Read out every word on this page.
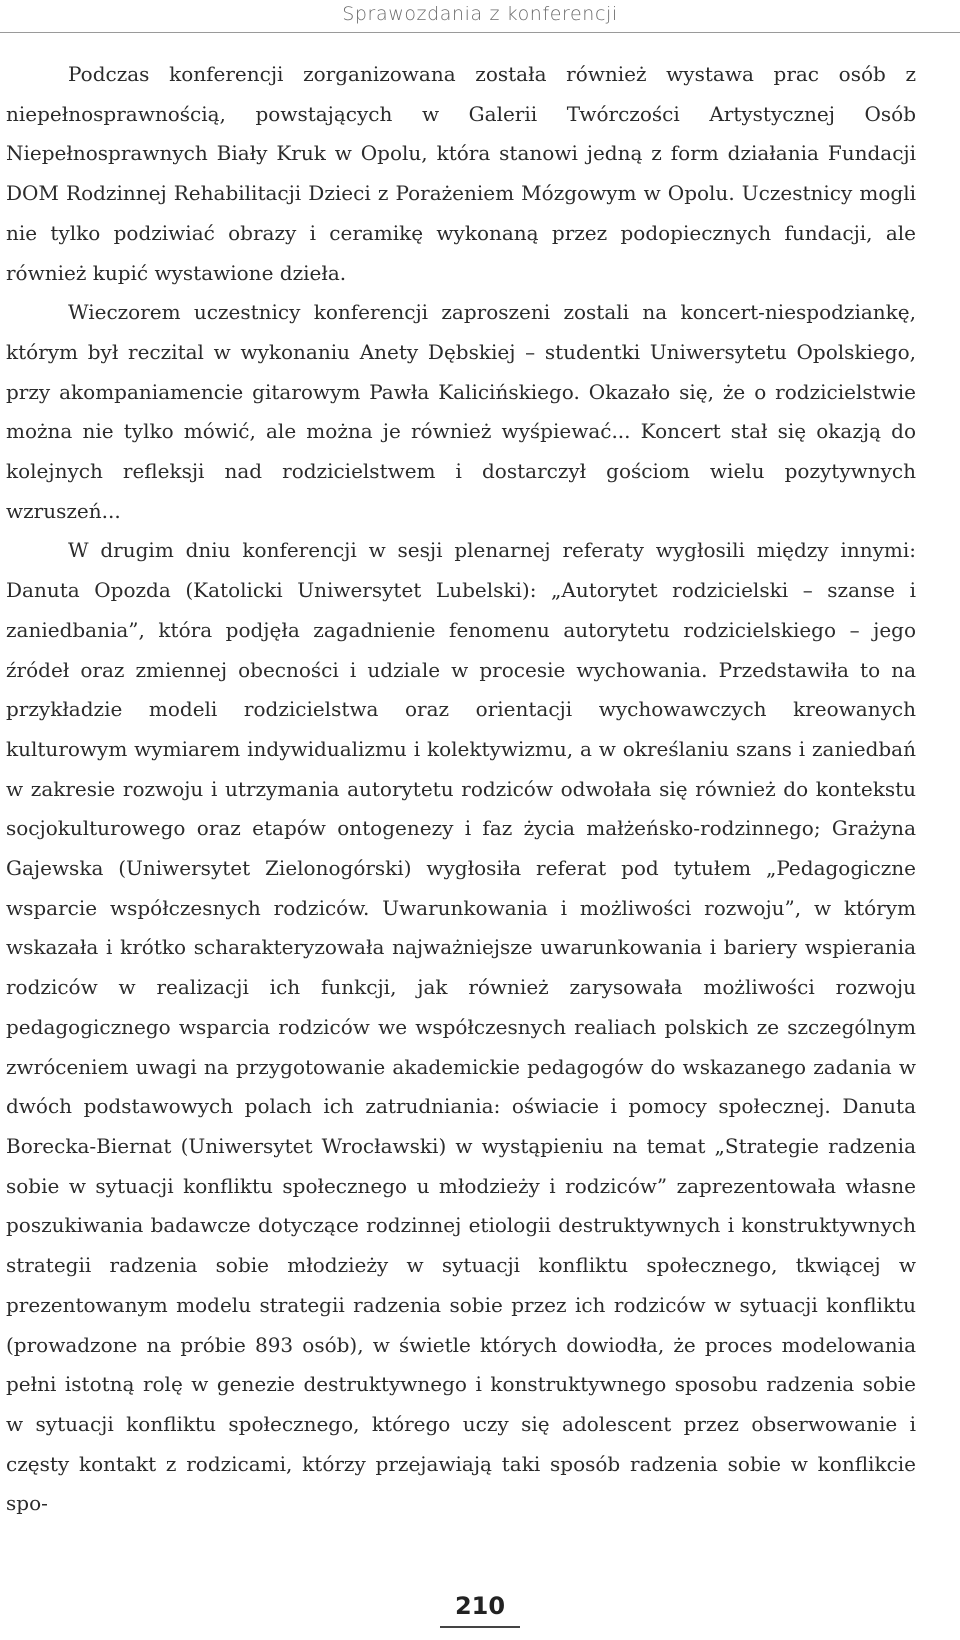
Sprawozdania z konferencji

Podczas konferencji zorganizowana została również wystawa prac osób z niepełnosprawnością, powstających w Galerii Twórczości Artystycznej Osób Niepełnosprawnych Biały Kruk w Opolu, która stanowi jedną z form działania Fundacji DOM Rodzinnej Rehabilitacji Dzieci z Porażeniem Mózgowym w Opolu. Uczestnicy mogli nie tylko podziwiać obrazy i ceramikę wykonaną przez podopiecznych fundacji, ale również kupić wystawione dzieła.

Wieczorem uczestnicy konferencji zaproszeni zostali na koncert-niespodziankę, którym był reczital w wykonaniu Anety Dębskiej – studentki Uniwersytetu Opolskiego, przy akompaniamencie gitarowym Pawła Kalicińskiego. Okazało się, że o rodzicielstwie można nie tylko mówić, ale można je również wyśpiewać... Koncert stał się okazją do kolejnych refleksji nad rodzicielstwem i dostarczył gościom wielu pozytywnych wzruszeń...

W drugim dniu konferencji w sesji plenarnej referaty wygłosili między innymi: Danuta Opozda (Katolicki Uniwersytet Lubelski): „Autorytet rodzicielski – szanse i zaniedbania”, która podjęła zagadnienie fenomenu autorytetu rodzicielskiego – jego źródeł oraz zmiennej obecności i udziale w procesie wychowania. Przedstawiła to na przykładzie modeli rodzicielstwa oraz orientacji wychowawczych kreowanych kulturowym wymiarem indywidualizmu i kolektywizmu, a w określaniu szans i zaniedbań w zakresie rozwoju i utrzymania autorytetu rodziców odwołała się również do kontekstu socjokulturowego oraz etapów ontogenezy i faz życia małżeńsko-rodzinnego; Grażyna Gajewska (Uniwersytet Zielonogórski) wygłosiła referat pod tytułem „Pedagogiczne wsparcie współczesnych rodziców. Uwarunkowania i możliwości rozwoju”, w którym wskazała i krótko scharakteryzowała najważniejsze uwarunkowania i bariery wspierania rodziców w realizacji ich funkcji, jak również zarysowała możliwości rozwoju pedagogicznego wsparcia rodziców we współczesnych realiach polskich ze szczególnym zwróceniem uwagi na przygotowanie akademickie pedagogów do wskazanego zadania w dwóch podstawowych polach ich zatrudniania: oświacie i pomocy społecznej. Danuta Borecka-Biernat (Uniwersytet Wrocławski) w wystąpieniu na temat „Strategie radzenia sobie w sytuacji konfliktu społecznego u młodzieży i rodziców” zaprezentowała własne poszukiwania badawcze dotyczące rodzinnej etiologii destruktywnych i konstruktywnych strategii radzenia sobie młodzieży w sytuacji konfliktu społecznego, tkwiącej w prezentowanym modelu strategii radzenia sobie przez ich rodziców w sytuacji konfliktu (prowadzone na próbie 893 osób), w świetle których dowiodła, że proces modelowania pełni istotną rolę w genezie destruktywnego i konstruktywnego sposobu radzenia sobie w sytuacji konfliktu społecznego, którego uczy się adolescent przez obserwowanie i częsty kontakt z rodzicami, którzy przejawiają taki sposób radzenia sobie w konflikcie spo-

210
